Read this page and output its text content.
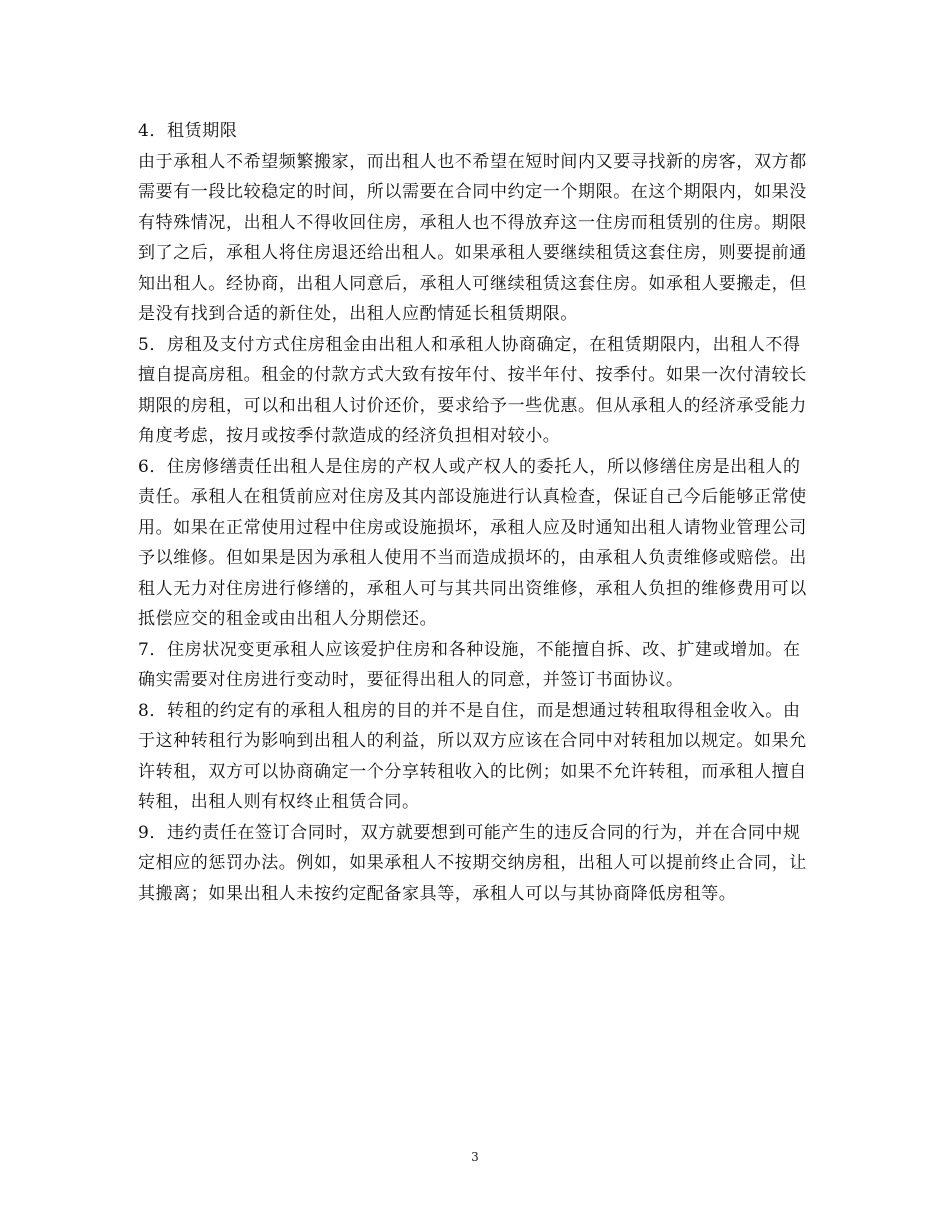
4．租赁期限

由于承租人不希望频繁搬家，而出租人也不希望在短时间内又要寻找新的房客，双方都需要有一段比较稳定的时间，所以需要在合同中约定一个期限。在这个期限内，如果没有特殊情况，出租人不得收回住房，承租人也不得放弃这一住房而租赁别的住房。期限到了之后，承租人将住房退还给出租人。如果承租人要继续租赁这套住房，则要提前通知出租人。经协商，出租人同意后，承租人可继续租赁这套住房。如承租人要搬走，但是没有找到合适的新住处，出租人应酌情延长租赁期限。

5．房租及支付方式住房租金由出租人和承租人协商确定，在租赁期限内，出租人不得擅自提高房租。租金的付款方式大致有按年付、按半年付、按季付。如果一次付清较长期限的房租，可以和出租人讨价还价，要求给予一些优惠。但从承租人的经济承受能力角度考虑，按月或按季付款造成的经济负担相对较小。

6．住房修缮责任出租人是住房的产权人或产权人的委托人，所以修缮住房是出租人的责任。承租人在租赁前应对住房及其内部设施进行认真检查，保证自己今后能够正常使用。如果在正常使用过程中住房或设施损坏，承租人应及时通知出租人请物业管理公司予以维修。但如果是因为承租人使用不当而造成损坏的，由承租人负责维修或赔偿。出租人无力对住房进行修缮的，承租人可与其共同出资维修，承租人负担的维修费用可以抵偿应交的租金或由出租人分期偿还。

7．住房状况变更承租人应该爱护住房和各种设施，不能擅自拆、改、扩建或增加。在确实需要对住房进行变动时，要征得出租人的同意，并签订书面协议。

8．转租的约定有的承租人租房的目的并不是自住，而是想通过转租取得租金收入。由于这种转租行为影响到出租人的利益，所以双方应该在合同中对转租加以规定。如果允许转租，双方可以协商确定一个分享转租收入的比例；如果不允许转租，而承租人擅自转租，出租人则有权终止租赁合同。

9．违约责任在签订合同时，双方就要想到可能产生的违反合同的行为，并在合同中规定相应的惩罚办法。例如，如果承租人不按期交纳房租，出租人可以提前终止合同，让其搬离；如果出租人未按约定配备家具等，承租人可以与其协商降低房租等。

3
